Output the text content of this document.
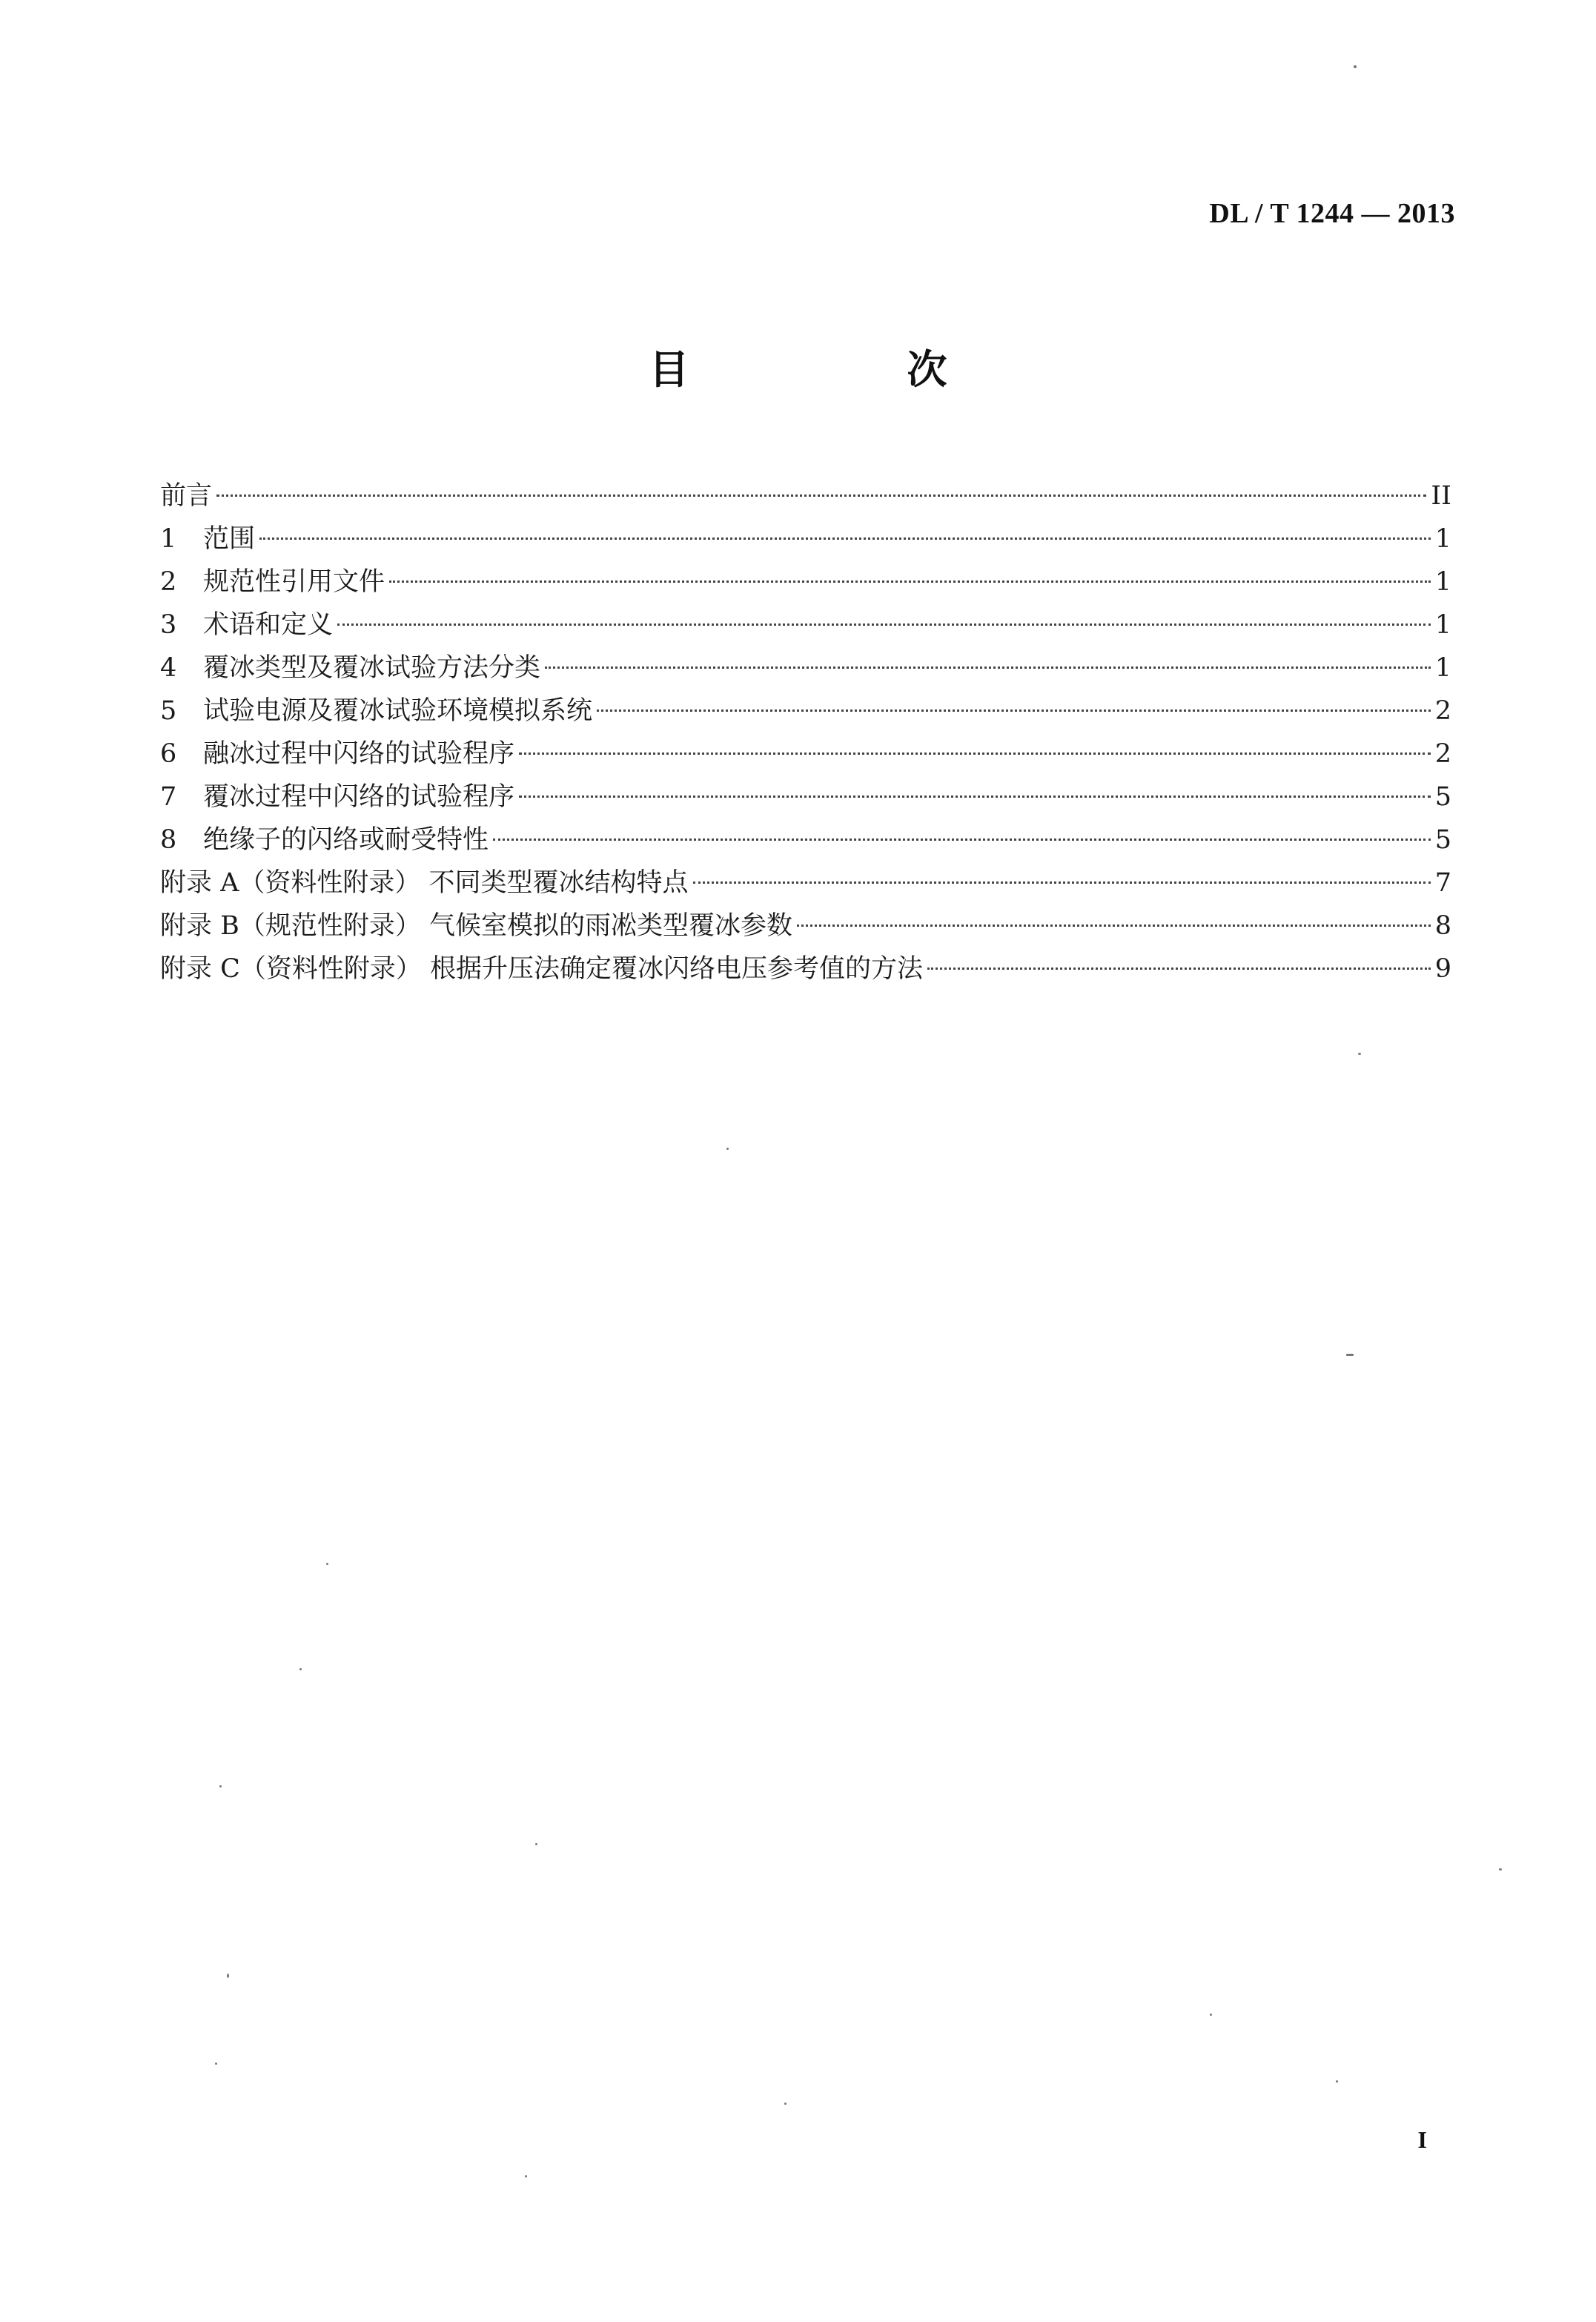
DL / T 1244 — 2013
目　次
前言	II
1	范围	1
2	规范性引用文件	1
3	术语和定义	1
4	覆冰类型及覆冰试验方法分类	1
5	试验电源及覆冰试验环境模拟系统	2
6	融冰过程中闪络的试验程序	2
7	覆冰过程中闪络的试验程序	5
8	绝缘子的闪络或耐受特性	5
附录 A（资料性附录） 不同类型覆冰结构特点	7
附录 B（规范性附录） 气候室模拟的雨凇类型覆冰参数	8
附录 C（资料性附录） 根据升压法确定覆冰闪络电压参考值的方法	9
I
